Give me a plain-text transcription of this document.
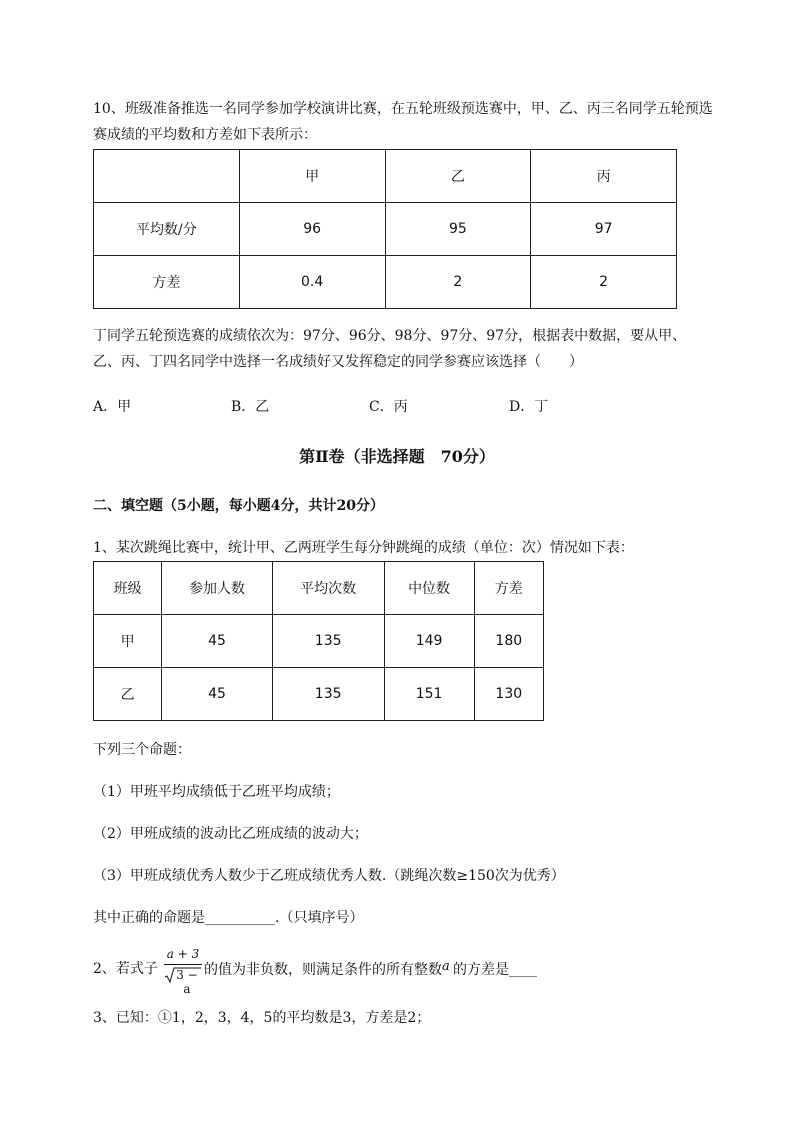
10、班级准备推选一名同学参加学校演讲比赛，在五轮班级预选赛中，甲、乙、丙三名同学五轮预选
赛成绩的平均数和方差如下表所示：
	甲	乙	丙
平均数/分	96	95	97
方差	0.4	2	2
丁同学五轮预选赛的成绩依次为：97分、96分、98分、97分、97分，根据表中数据，要从甲、
乙、丙、丁四名同学中选择一名成绩好又发挥稳定的同学参赛应该选择（　　）
A．甲	B．乙	C．丙	D．丁
第Ⅱ卷（非选择题　70分）
二、填空题（5小题，每小题4分，共计20分）
1、某次跳绳比赛中，统计甲、乙两班学生每分钟跳绳的成绩（单位：次）情况如下表：
班级	参加人数	平均次数	中位数	方差
甲	45	135	149	180
乙	45	135	151	130
下列三个命题：
（1）甲班平均成绩低于乙班平均成绩；
（2）甲班成绩的波动比乙班成绩的波动大；
（3）甲班成绩优秀人数少于乙班成绩优秀人数.（跳绳次数≥150次为优秀）
其中正确的命题是__________.（只填序号）
2、若式子
a + 3
3 − a
的值为非负数，则满足条件的所有整数 a 的方差是____
3、已知：①1，2，3，4，5的平均数是3，方差是2；
